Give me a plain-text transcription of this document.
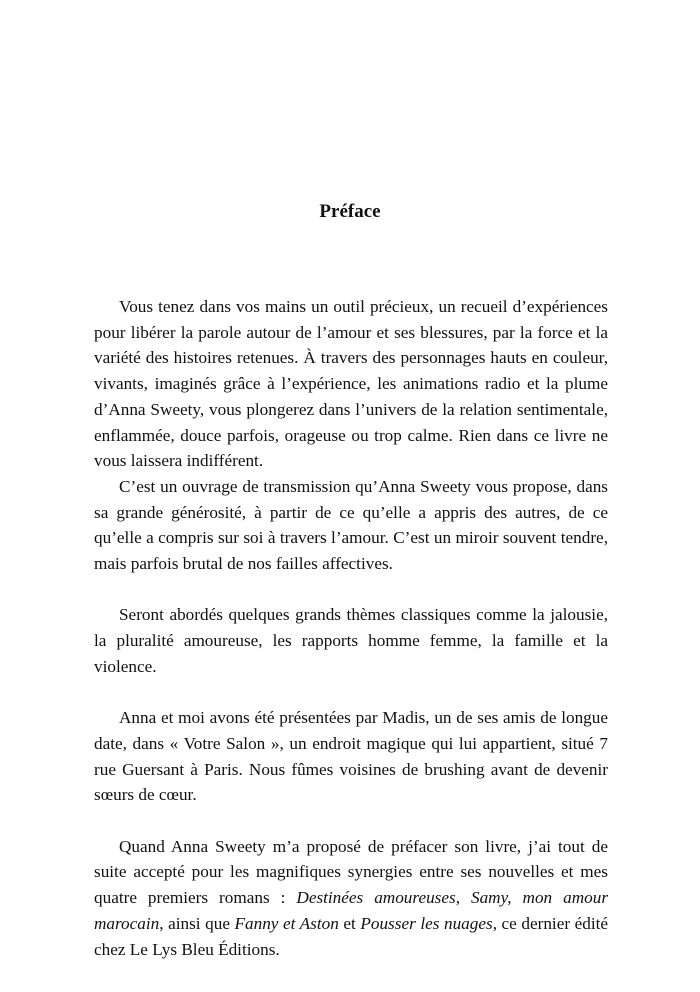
Préface

Vous tenez dans vos mains un outil précieux, un recueil d’expériences pour libérer la parole autour de l’amour et ses blessures, par la force et la variété des histoires retenues. À travers des personnages hauts en couleur, vivants, imaginés grâce à l’expérience, les animations radio et la plume d’Anna Sweety, vous plongerez dans l’univers de la relation sentimentale, enflammée, douce parfois, orageuse ou trop calme. Rien dans ce livre ne vous laissera indifférent.

C’est un ouvrage de transmission qu’Anna Sweety vous propose, dans sa grande générosité, à partir de ce qu’elle a appris des autres, de ce qu’elle a compris sur soi à travers l’amour. C’est un miroir souvent tendre, mais parfois brutal de nos failles affectives.

Seront abordés quelques grands thèmes classiques comme la jalousie, la pluralité amoureuse, les rapports homme femme, la famille et la violence.

Anna et moi avons été présentées par Madis, un de ses amis de longue date, dans « Votre Salon », un endroit magique qui lui appartient, situé 7 rue Guersant à Paris. Nous fûmes voisines de brushing avant de devenir sœurs de cœur.

Quand Anna Sweety m’a proposé de préfacer son livre, j’ai tout de suite accepté pour les magnifiques synergies entre ses nouvelles et mes quatre premiers romans : Destinées amoureuses, Samy, mon amour marocain, ainsi que Fanny et Aston et Pousser les nuages, ce dernier édité chez Le Lys Bleu Éditions.
